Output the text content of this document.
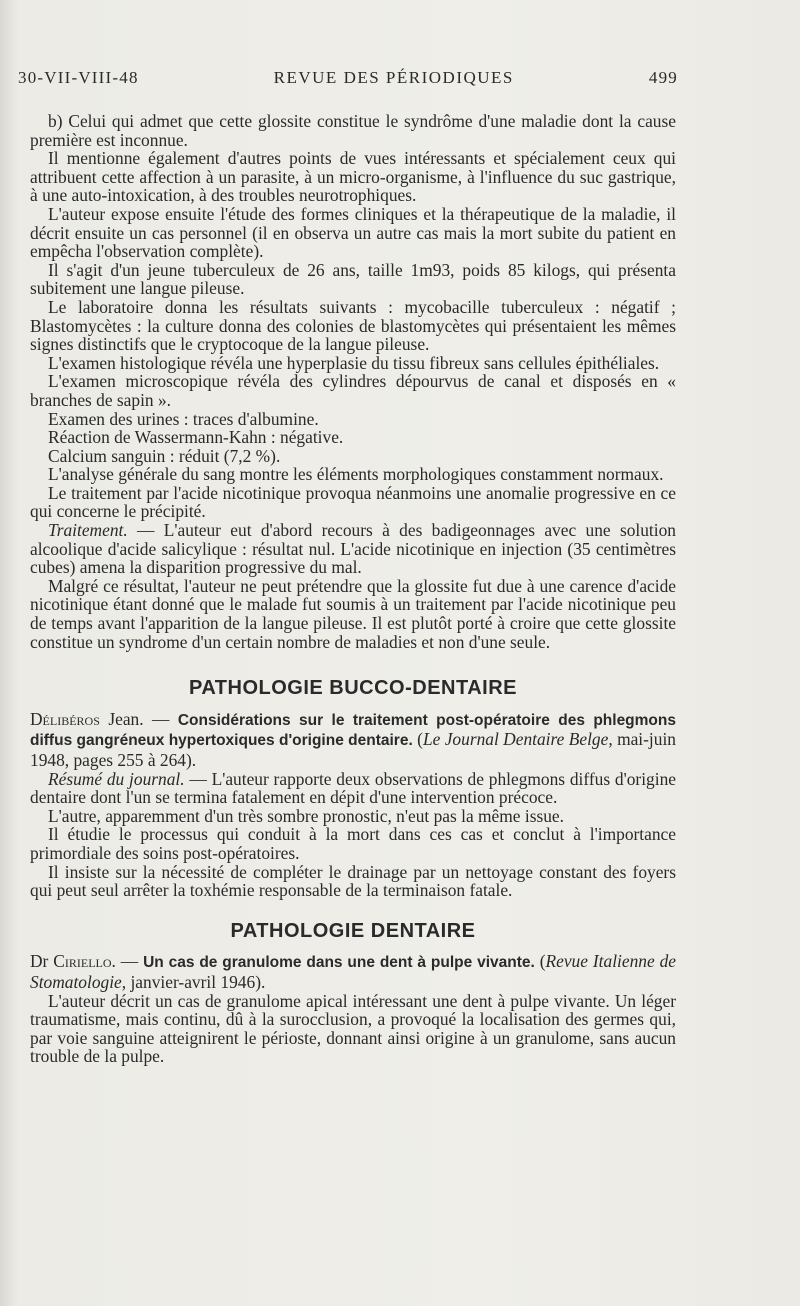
30-VII-VIII-48	REVUE DES PÉRIODIQUES	499

b) Celui qui admet que cette glossite constitue le syndrôme d'une maladie dont la cause première est inconnue.

Il mentionne également d'autres points de vues intéressants et spécialement ceux qui attribuent cette affection à un parasite, à un micro-organisme, à l'influence du suc gastrique, à une auto-intoxication, à des troubles neurotrophiques.

L'auteur expose ensuite l'étude des formes cliniques et la thérapeutique de la maladie, il décrit ensuite un cas personnel (il en observa un autre cas mais la mort subite du patient en empêcha l'observation complète).

Il s'agit d'un jeune tuberculeux de 26 ans, taille 1m93, poids 85 kilogs, qui présenta subitement une langue pileuse.

Le laboratoire donna les résultats suivants : mycobacille tuberculeux : négatif ; Blastomycètes : la culture donna des colonies de blastomycètes qui présentaient les mêmes signes distinctifs que le cryptocoque de la langue pileuse.

L'examen histologique révéla une hyperplasie du tissu fibreux sans cellules épithéliales.

L'examen microscopique révéla des cylindres dépourvus de canal et disposés en « branches de sapin ».

Examen des urines : traces d'albumine.

Réaction de Wassermann-Kahn : négative.

Calcium sanguin : réduit (7,2 %).

L'analyse générale du sang montre les éléments morphologiques constamment normaux.

Le traitement par l'acide nicotinique provoqua néanmoins une anomalie progressive en ce qui concerne le précipité.

Traitement. — L'auteur eut d'abord recours à des badigeonnages avec une solution alcoolique d'acide salicylique : résultat nul. L'acide nicotinique en injection (35 centimètres cubes) amena la disparition progressive du mal.

Malgré ce résultat, l'auteur ne peut prétendre que la glossite fut due à une carence d'acide nicotinique étant donné que le malade fut soumis à un traitement par l'acide nicotinique peu de temps avant l'apparition de la langue pileuse. Il est plutôt porté à croire que cette glossite constitue un syndrome d'un certain nombre de maladies et non d'une seule.

PATHOLOGIE BUCCO-DENTAIRE

Délibéros Jean. — Considérations sur le traitement post-opératoire des phlegmons diffus gangréneux hypertoxiques d'origine dentaire. (Le Journal Dentaire Belge, mai-juin 1948, pages 255 à 264).

Résumé du journal. — L'auteur rapporte deux observations de phlegmons diffus d'origine dentaire dont l'un se termina fatalement en dépit d'une intervention précoce.

L'autre, apparemment d'un très sombre pronostic, n'eut pas la même issue.

Il étudie le processus qui conduit à la mort dans ces cas et conclut à l'importance primordiale des soins post-opératoires.

Il insiste sur la nécessité de compléter le drainage par un nettoyage constant des foyers qui peut seul arrêter la toxhémie responsable de la terminaison fatale.

PATHOLOGIE DENTAIRE

Dr Ciriello. — Un cas de granulome dans une dent à pulpe vivante. (Revue Italienne de Stomatologie, janvier-avril 1946).

L'auteur décrit un cas de granulome apical intéressant une dent à pulpe vivante. Un léger traumatisme, mais continu, dû à la surocclusion, a provoqué la localisation des germes qui, par voie sanguine atteignirent le périoste, donnant ainsi origine à un granulome, sans aucun trouble de la pulpe.
